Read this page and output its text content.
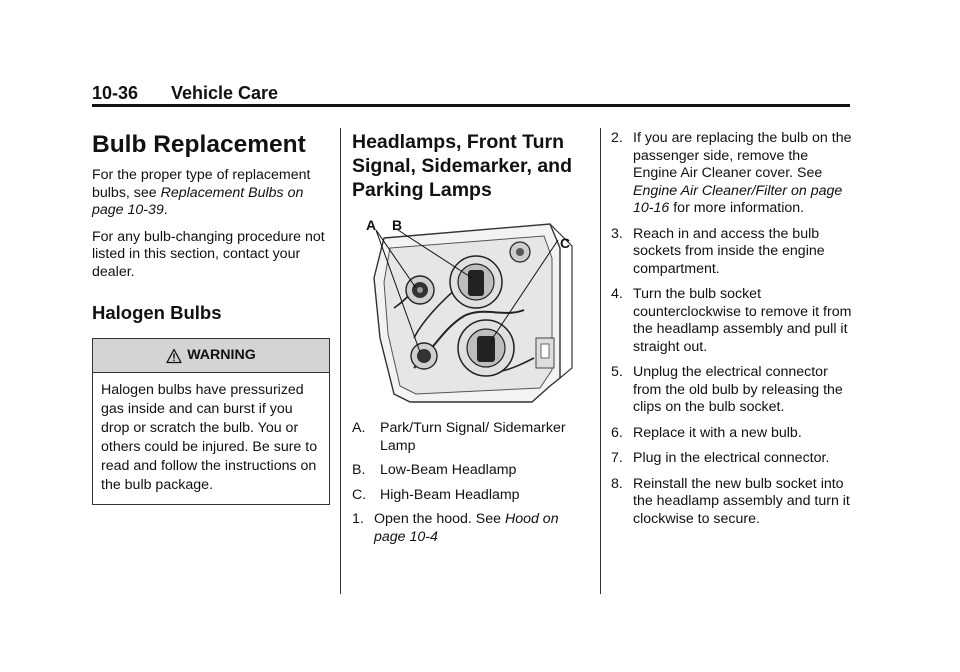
10-36 Vehicle Care
Bulb Replacement

For the proper type of replacement bulbs, see Replacement Bulbs on page 10-39.

For any bulb-changing procedure not listed in this section, contact your dealer.

Halogen Bulbs
WARNING
Halogen bulbs have pressurized gas inside and can burst if you drop or scratch the bulb. You or others could be injured. Be sure to read and follow the instructions on the bulb package.
Headlamps, Front Turn Signal, Sidemarker, and Parking Lamps
A B
C
A.	Park/Turn Signal/ Sidemarker Lamp
B.	Low-Beam Headlamp
C. High-Beam Headlamp
1. Open the hood. See Hood on page 10-4
2. If you are replacing the bulb on the passenger side, remove the Engine Air Cleaner cover. See Engine Air Cleaner/Filter on page 10-16 for more information.
3. Reach in and access the bulb sockets from inside the engine compartment.
4. Turn the bulb socket counterclockwise to remove it from the headlamp assembly and pull it straight out.
5. Unplug the electrical connector from the old bulb by releasing the clips on the bulb socket.
6. Replace it with a new bulb.
7. Plug in the electrical connector.
8. Reinstall the new bulb socket into the headlamp assembly and turn it clockwise to secure.
